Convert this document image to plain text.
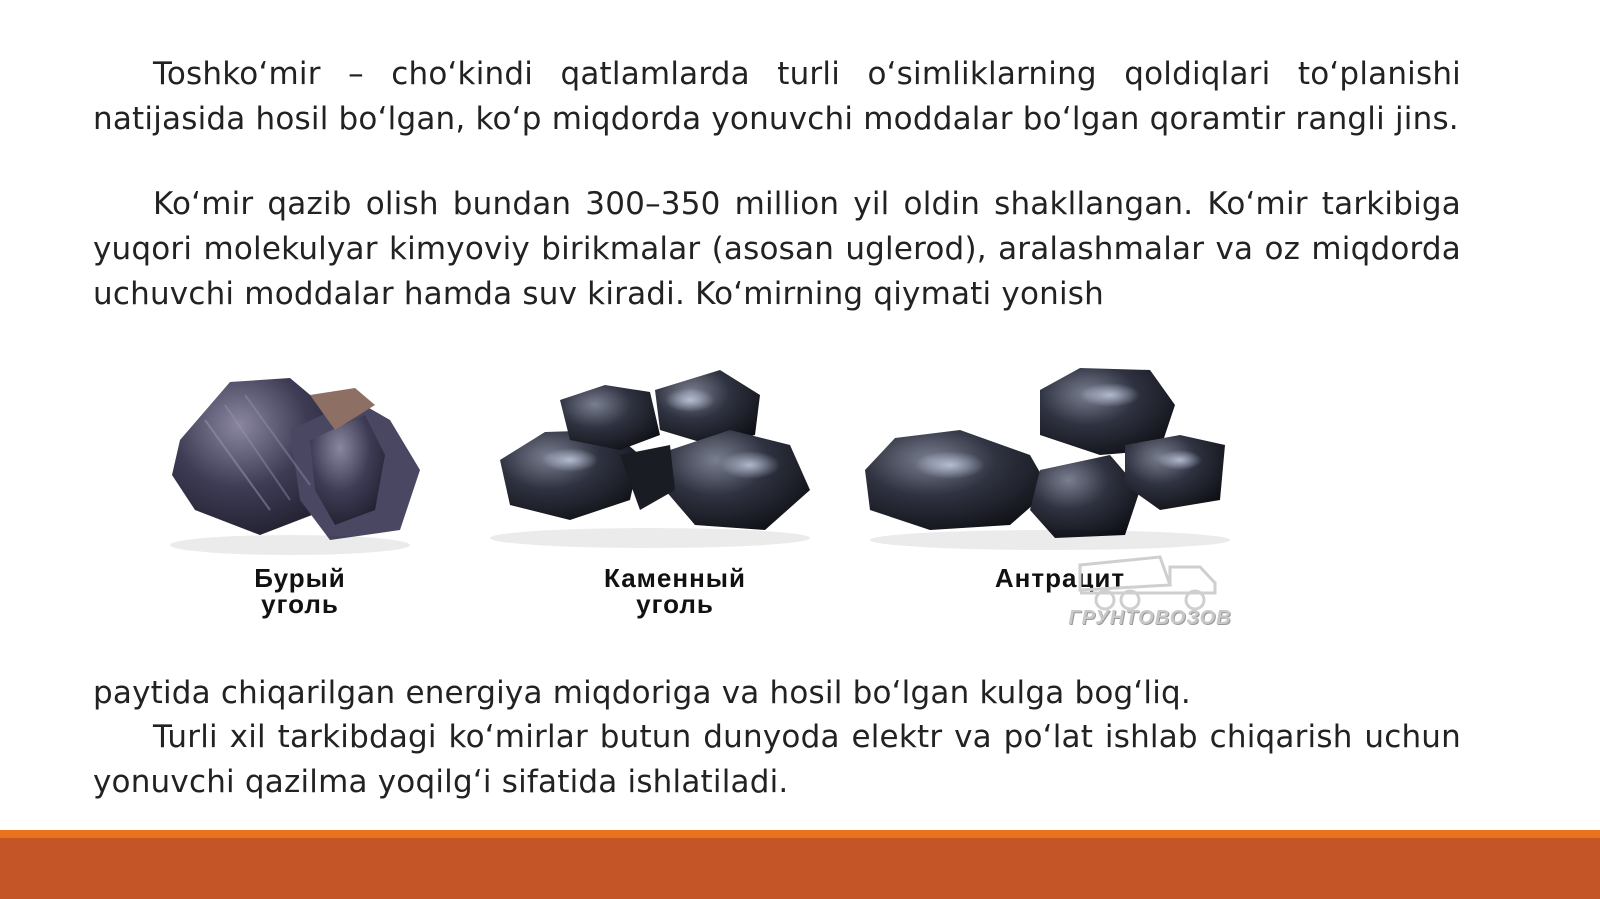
Toshko‘mir – cho‘kindi qatlamlarda turli o‘simliklarning qoldiqlari to‘planishi natijasida hosil bo‘lgan, ko‘p miqdorda yonuvchi moddalar bo‘lgan qoramtir rangli jins.

Ko‘mir qazib olish bundan 300–350 million yil oldin shakllangan. Ko‘mir tarkibiga yuqori molekulyar kimyoviy birikmalar (asosan uglerod), aralashmalar va oz miqdorda uchuvchi moddalar hamda suv kiradi. Ko‘mirning qiymati yonish

Бурый
уголь
Каменный
уголь
Антрацит
ГРУНТОВОЗОВ

paytida chiqarilgan energiya miqdoriga va hosil bo‘lgan kulga bog‘liq.

Turli xil tarkibdagi ko‘mirlar butun dunyoda elektr va po‘lat ishlab chiqarish uchun yonuvchi qazilma yoqilg‘i sifatida ishlatiladi.
